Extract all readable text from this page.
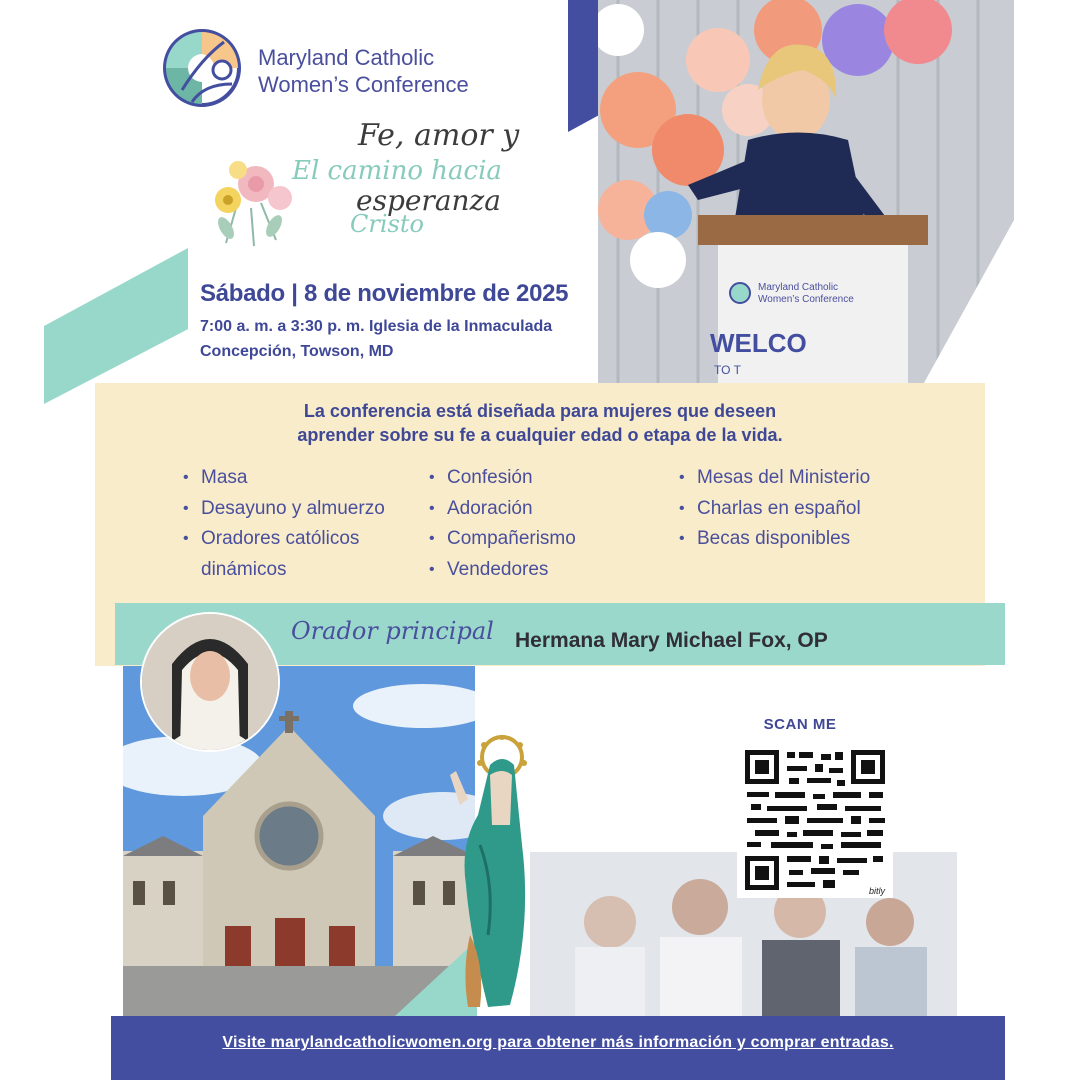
Maryland Catholic
Women’s Conference
Fe, amor y
El camino hacia
esperanza
Cristo
Sábado | 8 de noviembre de 2025
7:00 a. m. a 3:30 p. m. Iglesia de la Inmaculada Concepción, Towson, MD
Maryland Catholic
Women’s Conference
WELCO
TO T
La conferencia está diseñada para mujeres que deseen
aprender sobre su fe a cualquier edad o etapa de la vida.
• Masa
• Desayuno y almuerzo
• Oradores católicos dinámicos
• Confesión
• Adoración
• Compañerismo
• Vendedores
• Mesas del Ministerio
• Charlas en español
• Becas disponibles
Orador principal Hermana Mary Michael Fox, OP
SCAN ME
bitly
Visite marylandcatholicwomen.org para obtener más información y comprar entradas.
